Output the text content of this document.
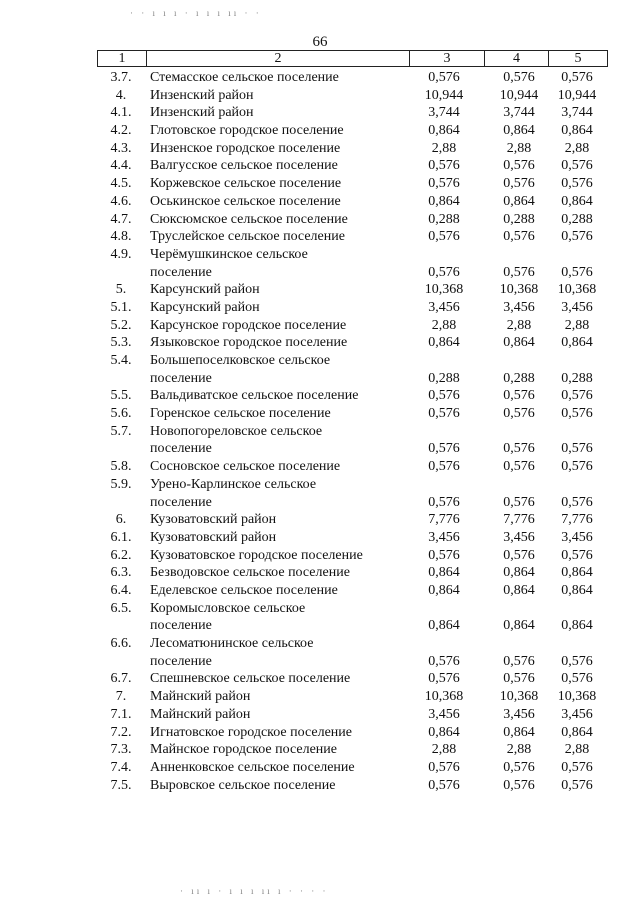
· · ı ı ı · ı ı ı ıı · ·
66
1	2	3	4	5
3.7.	Стемасское сельское поселение	0,576	0,576	0,576
4.	Инзенский район	10,944	10,944	10,944
4.1.	Инзенский район	3,744	3,744	3,744
4.2.	Глотовское городское поселение	0,864	0,864	0,864
4.3.	Инзенское городское поселение	2,88	2,88	2,88
4.4.	Валгусское сельское поселение	0,576	0,576	0,576
4.5.	Коржевское сельское поселение	0,576	0,576	0,576
4.6.	Оськинское сельское поселение	0,864	0,864	0,864
4.7.	Сюксюмское сельское поселение	0,288	0,288	0,288
4.8.	Труслейское сельское поселение	0,576	0,576	0,576
4.9.	Черёмушкинское сельское
поселение	0,576	0,576	0,576
5.	Карсунский район	10,368	10,368	10,368
5.1.	Карсунский район	3,456	3,456	3,456
5.2.	Карсунское городское поселение	2,88	2,88	2,88
5.3.	Языковское городское поселение	0,864	0,864	0,864
5.4.	Большепоселковское сельское
поселение	0,288	0,288	0,288
5.5.	Вальдиватское сельское поселение	0,576	0,576	0,576
5.6.	Горенское сельское поселение	0,576	0,576	0,576
5.7.	Новопогореловское сельское
поселение	0,576	0,576	0,576
5.8.	Сосновское сельское поселение	0,576	0,576	0,576
5.9.	Урено-Карлинское сельское
поселение	0,576	0,576	0,576
6.	Кузоватовский район	7,776	7,776	7,776
6.1.	Кузоватовский район	3,456	3,456	3,456
6.2.	Кузоватовское городское поселение	0,576	0,576	0,576
6.3.	Безводовское сельское поселение	0,864	0,864	0,864
6.4.	Еделевское сельское поселение	0,864	0,864	0,864
6.5.	Коромысловское сельское
поселение	0,864	0,864	0,864
6.6.	Лесоматюнинское сельское
поселение	0,576	0,576	0,576
6.7.	Спешневское сельское поселение	0,576	0,576	0,576
7.	Майнский район	10,368	10,368	10,368
7.1.	Майнский район	3,456	3,456	3,456
7.2.	Игнатовское городское поселение	0,864	0,864	0,864
7.3.	Майнское городское поселение	2,88	2,88	2,88
7.4.	Анненковское сельское поселение	0,576	0,576	0,576
7.5.	Выровское сельское поселение	0,576	0,576	0,576
· ıı ı · ı ı ı ıı ı · · · ·
